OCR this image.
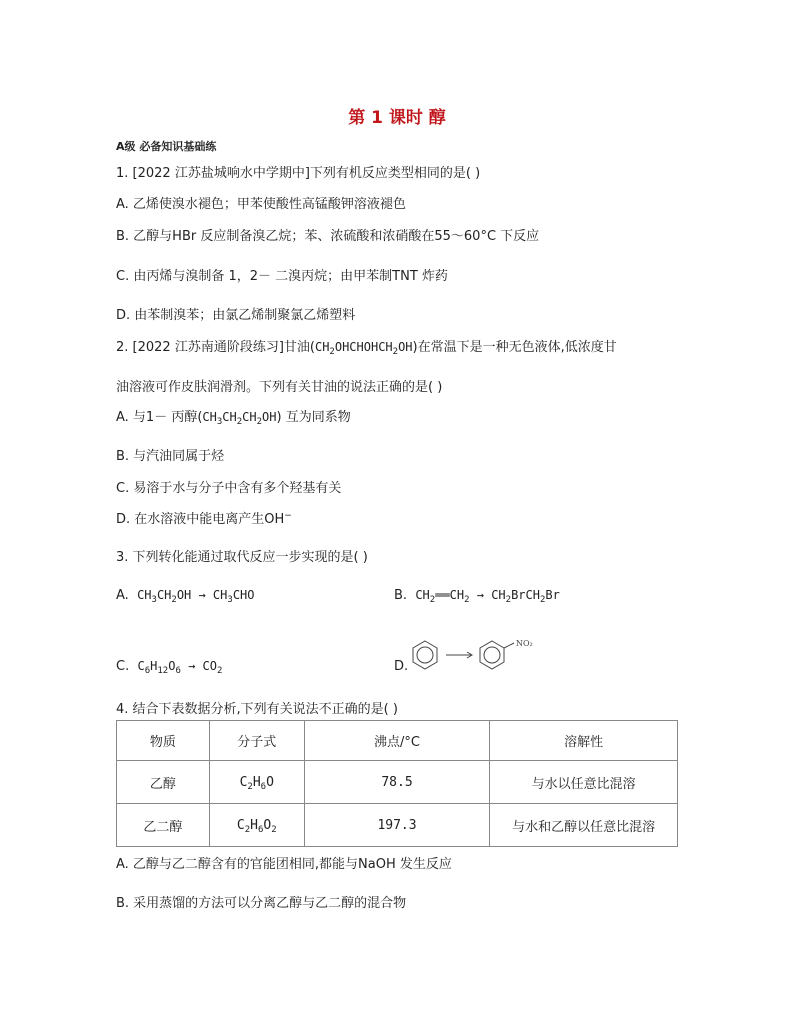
第 1 课时 醇
A级 必备知识基础练
1. [2022 江苏盐城响水中学期中]下列有机反应类型相同的是( )
A. 乙烯使溴水褪色；甲苯使酸性高锰酸钾溶液褪色
B. 乙醇与HBr 反应制备溴乙烷；苯、浓硫酸和浓硝酸在55～60°C 下反应
C. 由丙烯与溴制备 1，2－ 二溴丙烷；由甲苯制TNT 炸药
D. 由苯制溴苯；由氯乙烯制聚氯乙烯塑料
2. [2022 江苏南通阶段练习]甘油$(CH_2OHCHOHCH_2OH)$在常温下是一种无色液体,低浓度甘
油溶液可作皮肤润滑剂。下列有关甘油的说法正确的是( )
A. 与1－ 丙醇$(CH_3CH_2CH_2OH)$ 互为同系物
B. 与汽油同属于烃
C. 易溶于水与分子中含有多个羟基有关
D. 在水溶液中能电离产生OH−
3. 下列转化能通过取代反应一步实现的是( )
A. $CH_3CH_2OH \to CH_3CHO$	B. $CH_2══CH_2$ → $CH_2BrCH_2Br$
C. $C_6H_{12}O_6 \to CO_2$	D.
NO₂
4. 结合下表数据分析,下列有关说法不正确的是( )
物质	分子式	沸点/°C	溶解性
乙醇	$C_2H_6O$	78.5	与水以任意比混溶
乙二醇	$C_2H_6O_2$	197.3	与水和乙醇以任意比混溶
A. 乙醇与乙二醇含有的官能团相同,都能与NaOH 发生反应
B. 采用蒸馏的方法可以分离乙醇与乙二醇的混合物
